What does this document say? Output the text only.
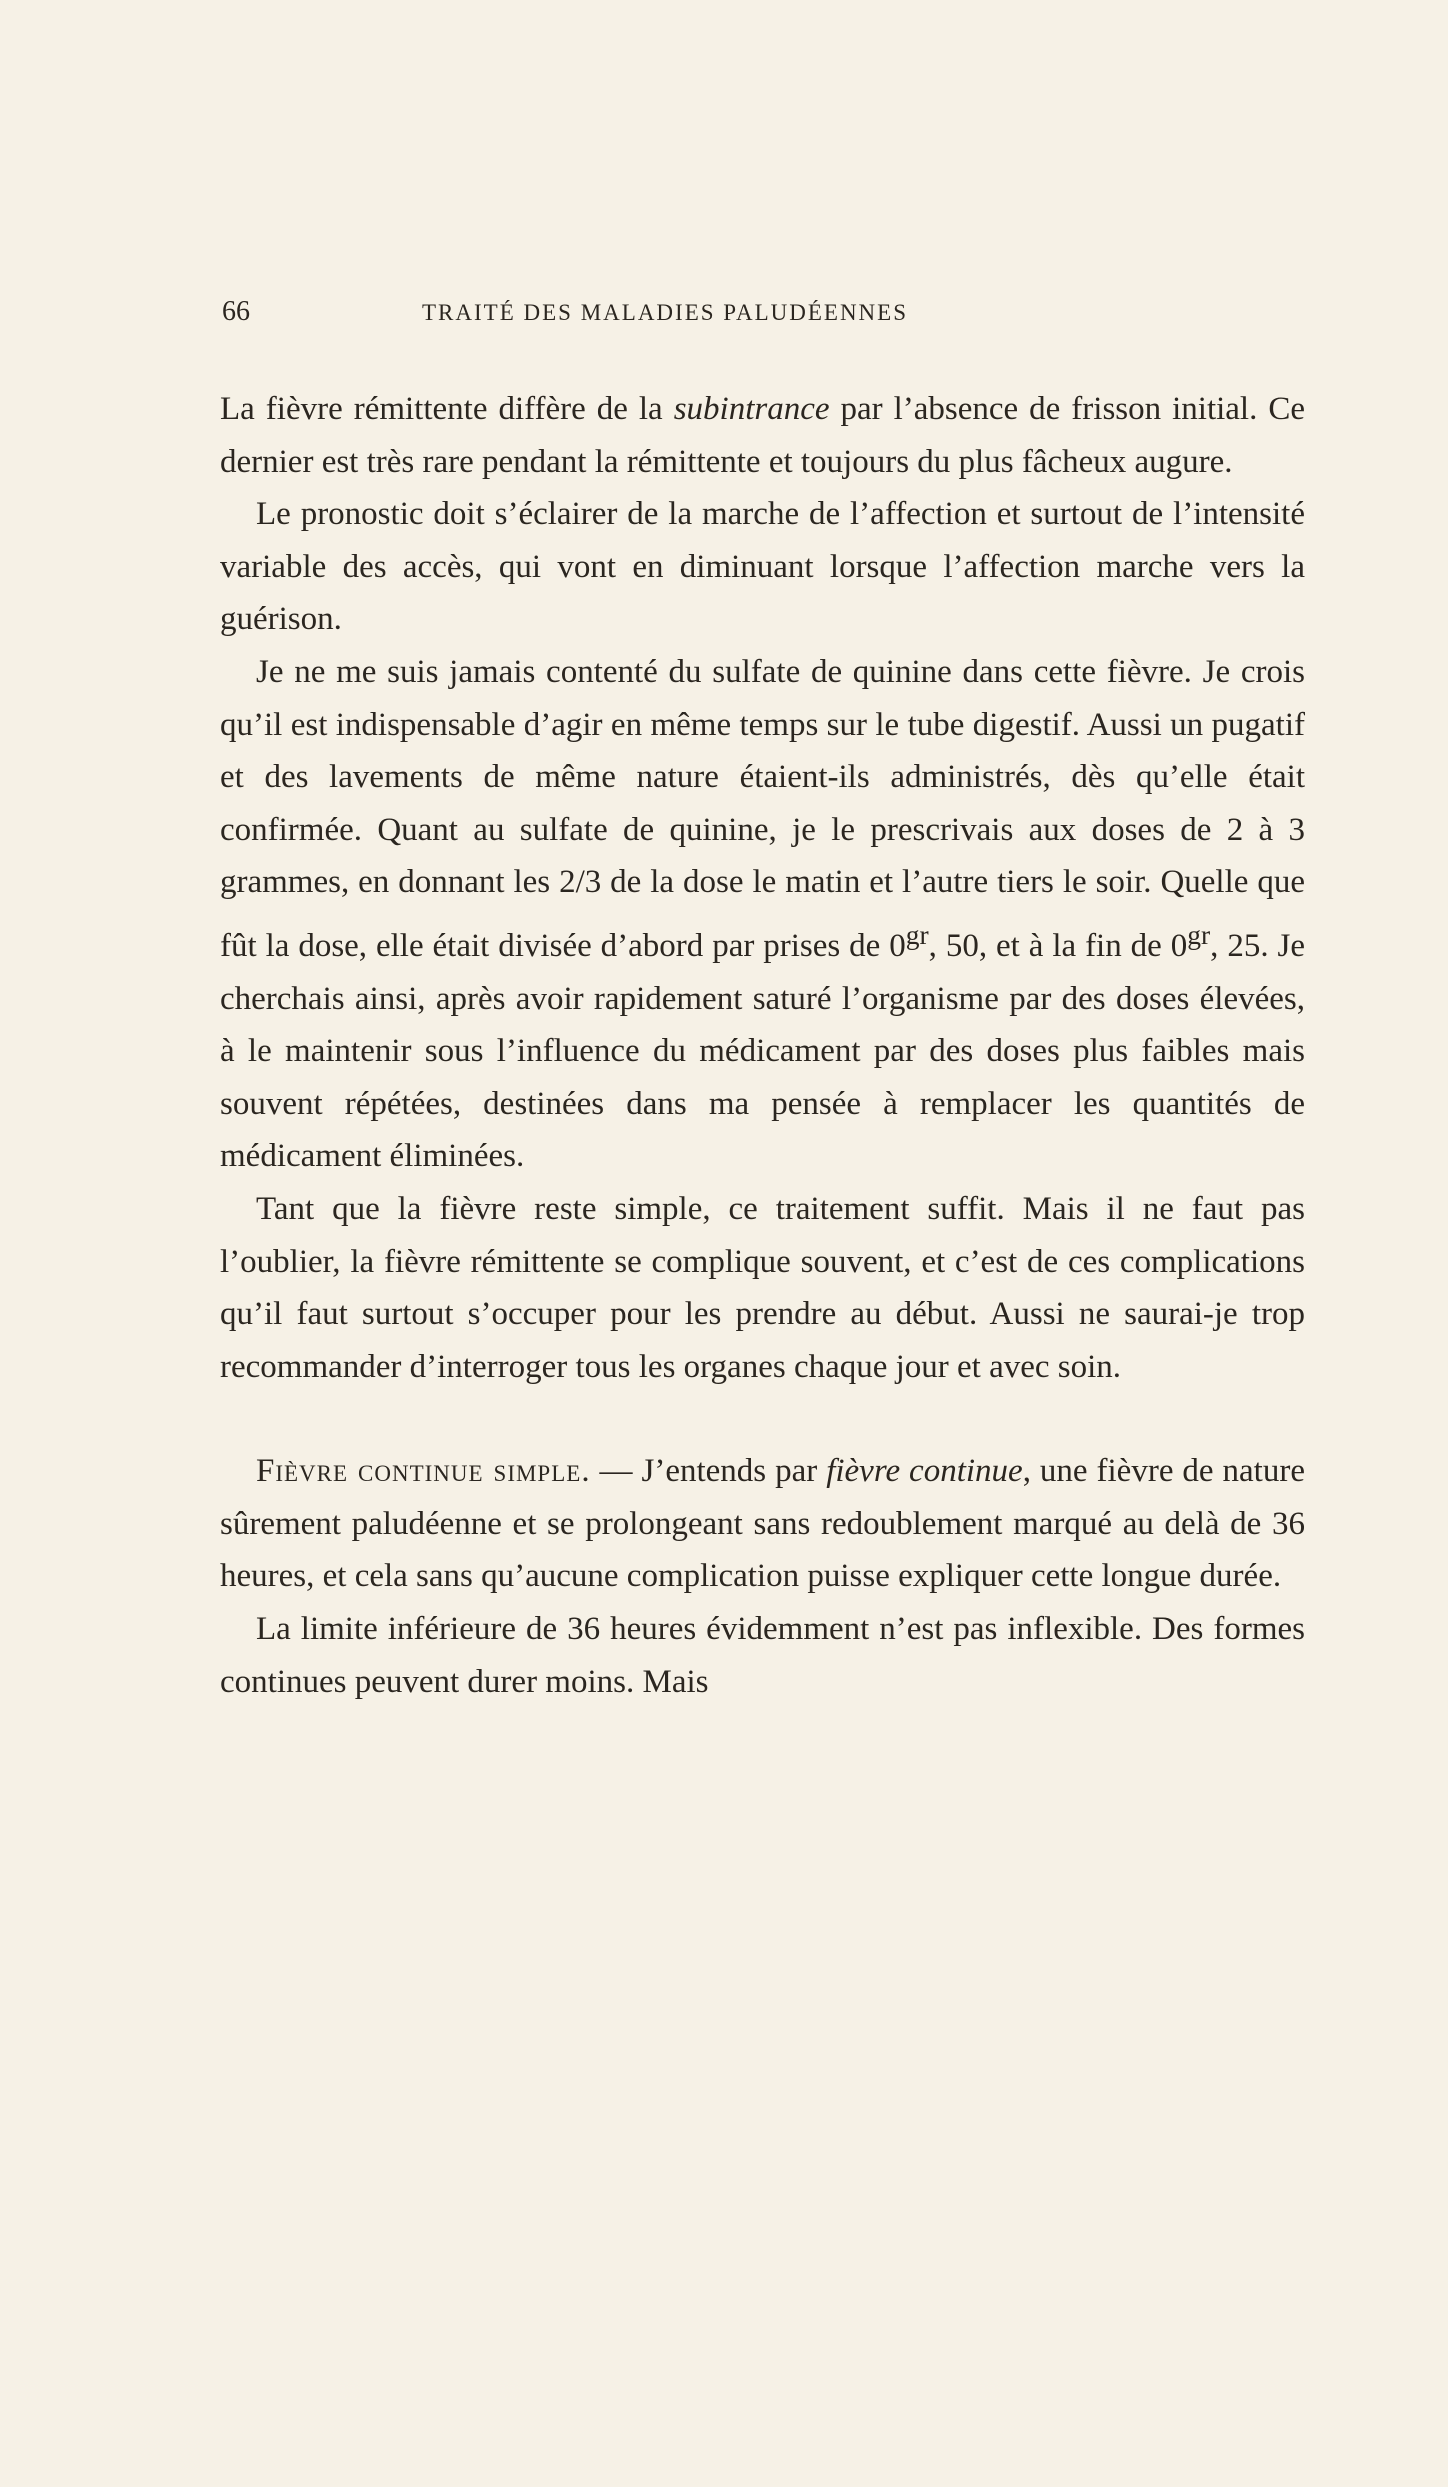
66	TRAITÉ DES MALADIES PALUDÉENNES

La fièvre rémittente diffère de la subintrance par l’absence de frisson initial. Ce dernier est très rare pendant la rémittente et toujours du plus fâcheux augure.

Le pronostic doit s’éclairer de la marche de l’affection et surtout de l’intensité variable des accès, qui vont en diminuant lorsque l’affection marche vers la guérison.

Je ne me suis jamais contenté du sulfate de quinine dans cette fièvre. Je crois qu’il est indispensable d’agir en même temps sur le tube digestif. Aussi un pugatif et des lavements de même nature étaient-ils administrés, dès qu’elle était confirmée. Quant au sulfate de quinine, je le prescrivais aux doses de 2 à 3 grammes, en donnant les 2/3 de la dose le matin et l’autre tiers le soir. Quelle que fût la dose, elle était divisée d’abord par prises de $0^{gr}$, 50, et à la fin de $0^{gr}$, 25. Je cherchais ainsi, après avoir rapidement saturé l’organisme par des doses élevées, à le maintenir sous l’influence du médicament par des doses plus faibles mais souvent répétées, destinées dans ma pensée à remplacer les quantités de médicament éliminées.

Tant que la fièvre reste simple, ce traitement suffit. Mais il ne faut pas l’oublier, la fièvre rémittente se complique souvent, et c’est de ces complications qu’il faut surtout s’occuper pour les prendre au début. Aussi ne saurai-je trop recommander d’interroger tous les organes chaque jour et avec soin.

Fièvre continue simple. — J’entends par fièvre continue, une fièvre de nature sûrement paludéenne et se prolongeant sans redoublement marqué au delà de 36 heures, et cela sans qu’aucune complication puisse expliquer cette longue durée.

La limite inférieure de 36 heures évidemment n’est pas inflexible. Des formes continues peuvent durer moins. Mais
